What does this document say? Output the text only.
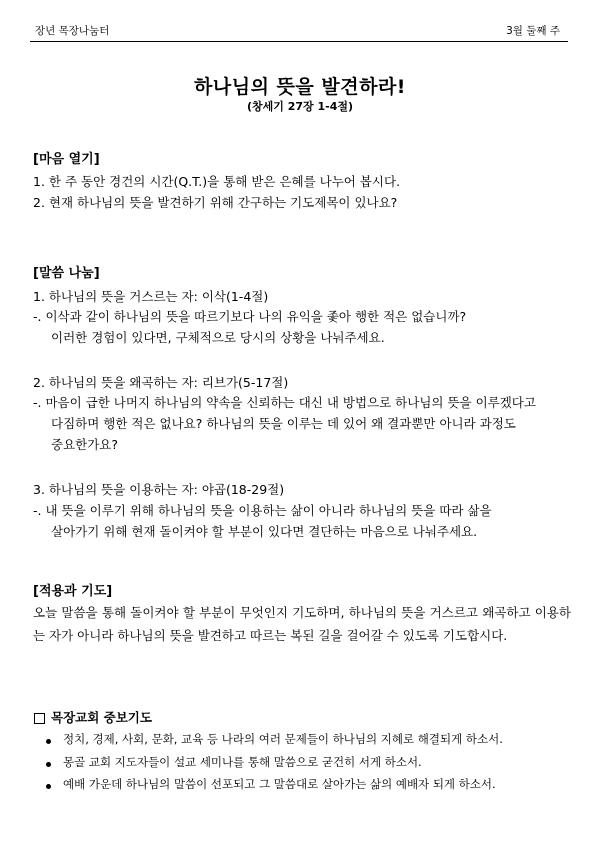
장년 목장나눔터	3월 둘째 주
하나님의 뜻을 발견하라!
(창세기 27장 1-4절)
[마음 열기]
1. 한 주 동안 경건의 시간(Q.T.)을 통해 받은 은혜를 나누어 봅시다.
2. 현재 하나님의 뜻을 발견하기 위해 간구하는 기도제목이 있나요?
[말씀 나눔]
1. 하나님의 뜻을 거스르는 자: 이삭(1-4절)
-. 이삭과 같이 하나님의 뜻을 따르기보다 나의 유익을 좇아 행한 적은 없습니까?
이러한 경험이 있다면, 구체적으로 당시의 상황을 나눠주세요.
2. 하나님의 뜻을 왜곡하는 자: 리브가(5-17절)
-. 마음이 급한 나머지 하나님의 약속을 신뢰하는 대신 내 방법으로 하나님의 뜻을 이루겠다고
다짐하며 행한 적은 없나요? 하나님의 뜻을 이루는 데 있어 왜 결과뿐만 아니라 과정도
중요한가요?
3. 하나님의 뜻을 이용하는 자: 야곱(18-29절)
-. 내 뜻을 이루기 위해 하나님의 뜻을 이용하는 삶이 아니라 하나님의 뜻을 따라 삶을
살아가기 위해 현재 돌이켜야 할 부분이 있다면 결단하는 마음으로 나눠주세요.
[적용과 기도]
오늘 말씀을 통해 돌이켜야 할 부분이 무엇인지 기도하며, 하나님의 뜻을 거스르고 왜곡하고 이용하는 자가 아니라 하나님의 뜻을 발견하고 따르는 복된 길을 걸어갈 수 있도록 기도합시다.
목장교회 중보기도
정치, 경제, 사회, 문화, 교육 등 나라의 여러 문제들이 하나님의 지혜로 해결되게 하소서.
몽골 교회 지도자들이 설교 세미나를 통해 말씀으로 굳건히 서게 하소서.
예배 가운데 하나님의 말씀이 선포되고 그 말씀대로 살아가는 삶의 예배자 되게 하소서.
